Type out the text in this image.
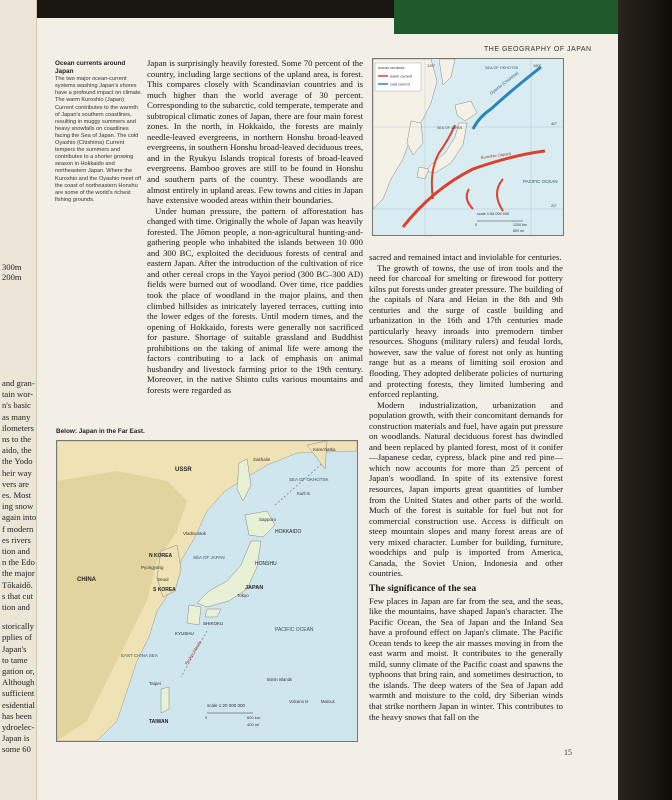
300m
200m
and gran-
tain wor-
n's basic
as many
ilometers
ns to the
aido, the
the Yodo
heir way
vers are
es. Most
ing snow
again into
f modern
es rivers
tion and
n the Edo
the major
Tōkaidō.
s that cut
tion and
storically
pplies of
Japan's
to tame
gation or,
Although
sufficient
esidential
has been
ydroelec-
Japan is
some 60
THE GEOGRAPHY OF JAPAN
Ocean currents around Japan
The two major ocean-current systems washing Japan's shores have a profound impact on climate. The warm Kuroshio (Japan) Current contributes to the warmth of Japan's southern coastlines, resulting in muggy summers and heavy snowfalls on coastlines facing the Sea of Japan. The cold Oyashio (Chishima) Current tempers the summers and contributes to a shorter growing season in Hokkaido and northeastern Japan. Where the Kuroshio and the Oyashio meet off the coast of northeastern Honshu are some of the world's richest fishing grounds.

Japan is surprisingly heavily forested. Some 70 percent of the country, including large sections of the upland area, is forest. This compares closely with Scandinavian countries and is much higher than the world average of 30 percent. Corresponding to the subarctic, cold temperate, temperate and subtropical climatic zones of Japan, there are four main forest zones. In the north, in Hokkaido, the forests are mainly needle-leaved evergreens, in northern Honshu broad-leaved evergreens, in southern Honshu broad-leaved deciduous trees, and in the Ryukyu Islands tropical forests of broad-leaved evergreens. Bamboo groves are still to be found in Honshu and southern parts of the country. These woodlands are almost entirely in upland areas. Few towns and cities in Japan have extensive wooded areas within their boundaries.

Under human pressure, the pattern of afforestation has changed with time. Originally the whole of Japan was heavily forested. The Jōmon people, a non-agricultural hunting-and-gathering people who inhabited the islands between 10 000 and 300 BC, exploited the deciduous forests of central and eastern Japan. After the introduction of the cultivation of rice and other cereal crops in the Yayoi period (300 BC–300 AD) fields were burned out of woodland. Over time, rice paddies took the place of woodland in the major plains, and then climbed hillsides as intricately layered terraces, cutting into the lower edges of the forests. Until modern times, and the opening of Hokkaido, forests were generally not sacrificed for pasture. Shortage of suitable grassland and Buddhist prohibitions on the taking of animal life were among the factors contributing to a lack of emphasis on animal husbandry and livestock farming prior to the 19th century. Moreover, in the native Shinto cults various mountains and forests were regarded as

Below: Japan in the Far East.
ocean currents
warm current
cold current
120°	160°
40°
20°
SEA OF OKHOTSK
SEA OF JAPAN
Oyashio (Chishima)
Kuroshio (Japan)
PACIFIC OCEAN
scale 1:54 000 000
0	1200 km
800 mi

sacred and remained intact and inviolable for centuries.

The growth of towns, the use of iron tools and the need for charcoal for smelting or firewood for pottery kilns put forests under greater pressure. The building of the capitals of Nara and Heian in the 8th and 9th centuries and the surge of castle building and urbanization in the 16th and 17th centuries made particularly heavy inroads into premodern timber resources. Shoguns (military rulers) and feudal lords, however, saw the value of forest not only as hunting range but as a means of limiting soil erosion and flooding. They adopted deliberate policies of nurturing and protecting forests, they limited lumbering and enforced replanting.

Modern industrialization, urbanization and population growth, with their concomitant demands for construction materials and fuel, have again put pressure on woodlands. Natural deciduous forest has dwindled and been replaced by planted forest, most of it conifer—Japanese cedar, cypress, black pine and red pine—which now accounts for more than 25 percent of Japan's woodland. In spite of its extensive forest resources, Japan imports great quantities of lumber from the United States and other parts of the world. Much of the forest is suitable for fuel but not for commercial construction use. Access is difficult on steep mountain slopes and many forest areas are of very mixed character. Lumber for building, furniture, woodchips and pulp is imported from America, Canada, the Soviet Union, Indonesia and other countries.

The significance of the sea

Few places in Japan are far from the sea, and the seas, like the mountains, have shaped Japan's character. The Pacific Ocean, the Sea of Japan and the Inland Sea have a profound effect on Japan's climate. The Pacific Ocean tends to keep the air masses moving in from the east warm and moist. It contributes to the generally mild, sunny climate of the Pacific coast and spawns the typhoons that bring rain, and sometimes destruction, to the islands. The deep waters of the Sea of Japan add warmth and moisture to the cold, dry Siberian winds that strike northern Japan in winter. This contributes to the heavy snows that fall on the

USSR
Sakhalin
SEA OF OKHOTSK
Kamchatka
Kuril Is
Vladivostok
Sapporo
HOKKAIDO
N KOREA
Pyongyang
Seoul
S KOREA
SEA OF JAPAN
HONSHU
JAPAN
Tokyo
CHINA
SHIKOKU
KYUSHU
PACIFIC OCEAN
EAST CHINA SEA	Ryukyu Islands
Taipei
TAIWAN
Bonin Islands
Volcano Is	Marcus
scale 1:20 000 000
0	600 km
400 mi
15
